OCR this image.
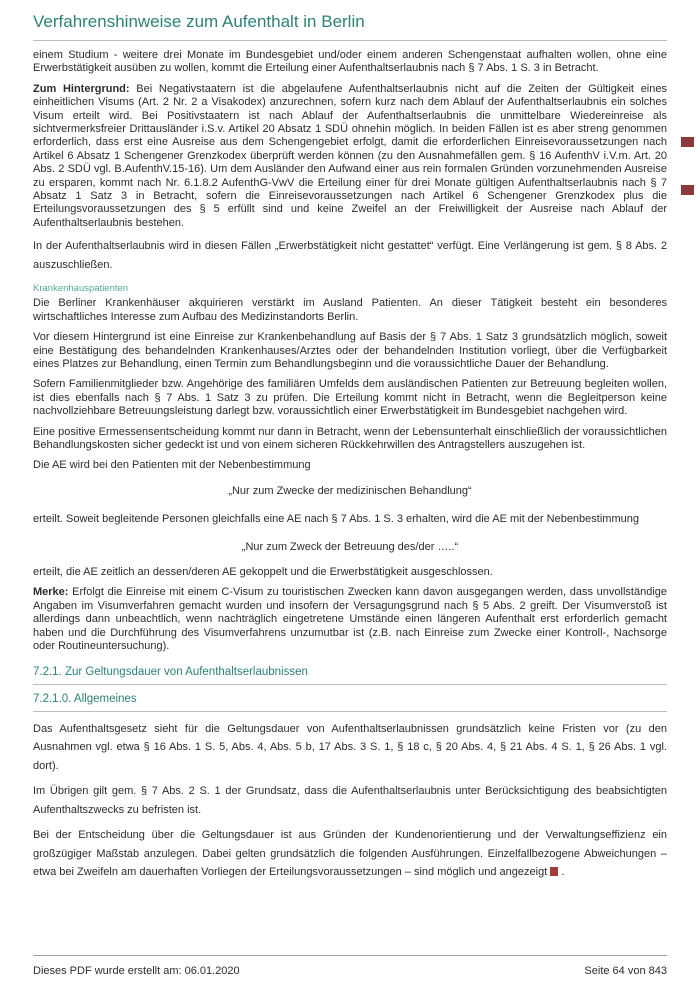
Verfahrenshinweise zum Aufenthalt in Berlin

einem Studium - weitere drei Monate im Bundesgebiet und/oder einem anderen Schengenstaat aufhalten wollen, ohne eine Erwerbstätigkeit ausüben zu wollen, kommt die Erteilung einer Aufenthaltserlaubnis nach § 7 Abs. 1 S. 3 in Betracht.

Zum Hintergrund: Bei Negativstaatern ist die abgelaufene Aufenthaltserlaubnis nicht auf die Zeiten der Gültigkeit eines einheitlichen Visums (Art. 2 Nr. 2 a Visakodex) anzurechnen, sofern kurz nach dem Ablauf der Aufenthaltserlaubnis ein solches Visum erteilt wird. Bei Positivstaatern ist nach Ablauf der Aufenthaltserlaubnis die unmittelbare Wiedereinreise als sichtvermerksfreier Drittausländer i.S.v. Artikel 20 Absatz 1 SDÜ ohnehin möglich. In beiden Fällen ist es aber streng genommen erforderlich, dass erst eine Ausreise aus dem Schengengebiet erfolgt, damit die erforderlichen Einreisevoraussetzungen nach Artikel 6 Absatz 1 Schengener Grenzkodex überprüft werden können (zu den Ausnahmefällen gem. § 16 AufenthV i.V.m. Art. 20 Abs. 2 SDÜ vgl. B.AufenthV.15-16). Um dem Ausländer den Aufwand einer aus rein formalen Gründen vorzunehmenden Ausreise zu ersparen, kommt nach Nr. 6.1.8.2 AufenthG-VwV die Erteilung einer für drei Monate gültigen Aufenthaltserlaubnis nach § 7 Absatz 1 Satz 3 in Betracht, sofern die Einreisevoraussetzungen nach Artikel 6 Schengener Grenzkodex plus die Erteilungsvoraussetzungen des § 5 erfüllt sind und keine Zweifel an der Freiwilligkeit der Ausreise nach Ablauf der Aufenthaltserlaubnis bestehen.

In der Aufenthaltserlaubnis wird in diesen Fällen „Erwerbstätigkeit nicht gestattet“ verfügt. Eine Verlängerung ist gem. § 8 Abs. 2 auszuschließen.

Krankenhauspatienten

Die Berliner Krankenhäuser akquirieren verstärkt im Ausland Patienten. An dieser Tätigkeit besteht ein besonderes wirtschaftliches Interesse zum Aufbau des Medizinstandorts Berlin.

Vor diesem Hintergrund ist eine Einreise zur Krankenbehandlung auf Basis der § 7 Abs. 1 Satz 3 grundsätzlich möglich, soweit eine Bestätigung des behandelnden Krankenhauses/Arztes oder der behandelnden Institution vorliegt, über die Verfügbarkeit eines Platzes zur Behandlung, einen Termin zum Behandlungsbeginn und die voraussichtliche Dauer der Behandlung.

Sofern Familienmitglieder bzw. Angehörige des familiären Umfelds dem ausländischen Patienten zur Betreuung begleiten wollen, ist dies ebenfalls nach § 7 Abs. 1 Satz 3 zu prüfen. Die Erteilung kommt nicht in Betracht, wenn die Begleitperson keine nachvollziehbare Betreuungsleistung darlegt bzw. voraussichtlich einer Erwerbstätigkeit im Bundesgebiet nachgehen wird.

Eine positive Ermessensentscheidung kommt nur dann in Betracht, wenn der Lebensunterhalt einschließlich der voraussichtlichen Behandlungskosten sicher gedeckt ist und von einem sicheren Rückkehrwillen des Antragstellers auszugehen ist.

Die AE wird bei den Patienten mit der Nebenbestimmung

„Nur zum Zwecke der medizinischen Behandlung“

erteilt. Soweit begleitende Personen gleichfalls eine AE nach § 7 Abs. 1 S. 3 erhalten, wird die AE mit der Nebenbestimmung

„Nur zum Zweck der Betreuung des/der …..“

erteilt, die AE zeitlich an dessen/deren AE gekoppelt und die Erwerbstätigkeit ausgeschlossen.

Merke: Erfolgt die Einreise mit einem C-Visum zu touristischen Zwecken kann davon ausgegangen werden, dass unvollständige Angaben im Visumverfahren gemacht wurden und insofern der Versagungsgrund nach § 5 Abs. 2 greift. Der Visumverstoß ist allerdings dann unbeachtlich, wenn nachträglich eingetretene Umstände einen längeren Aufenthalt erst erforderlich gemacht haben und die Durchführung des Visumverfahrens unzumutbar ist (z.B. nach Einreise zum Zwecke einer Kontroll-, Nachsorge oder Routineuntersuchung).

7.2.1. Zur Geltungsdauer von Aufenthaltserlaubnissen
7.2.1.0. Allgemeines

Das Aufenthaltsgesetz sieht für die Geltungsdauer von Aufenthaltserlaubnissen grundsätzlich keine Fristen vor (zu den Ausnahmen vgl. etwa § 16 Abs. 1 S. 5, Abs. 4, Abs. 5 b, 17 Abs. 3 S. 1, § 18 c, § 20 Abs. 4, § 21 Abs. 4 S. 1, § 26 Abs. 1 vgl. dort).

Im Übrigen gilt gem. § 7 Abs. 2 S. 1 der Grundsatz, dass die Aufenthaltserlaubnis unter Berücksichtigung des beabsichtigten Aufenthaltszwecks zu befristen ist.

Bei der Entscheidung über die Geltungsdauer ist aus Gründen der Kundenorientierung und der Verwaltungseffizienz ein großzügiger Maßstab anzulegen. Dabei gelten grundsätzlich die folgenden Ausführungen. Einzelfallbezogene Abweichungen – etwa bei Zweifeln am dauerhaften Vorliegen der Erteilungsvoraussetzungen – sind möglich und angezeigt .

Dieses PDF wurde erstellt am: 06.01.2020	Seite 64 von 843
